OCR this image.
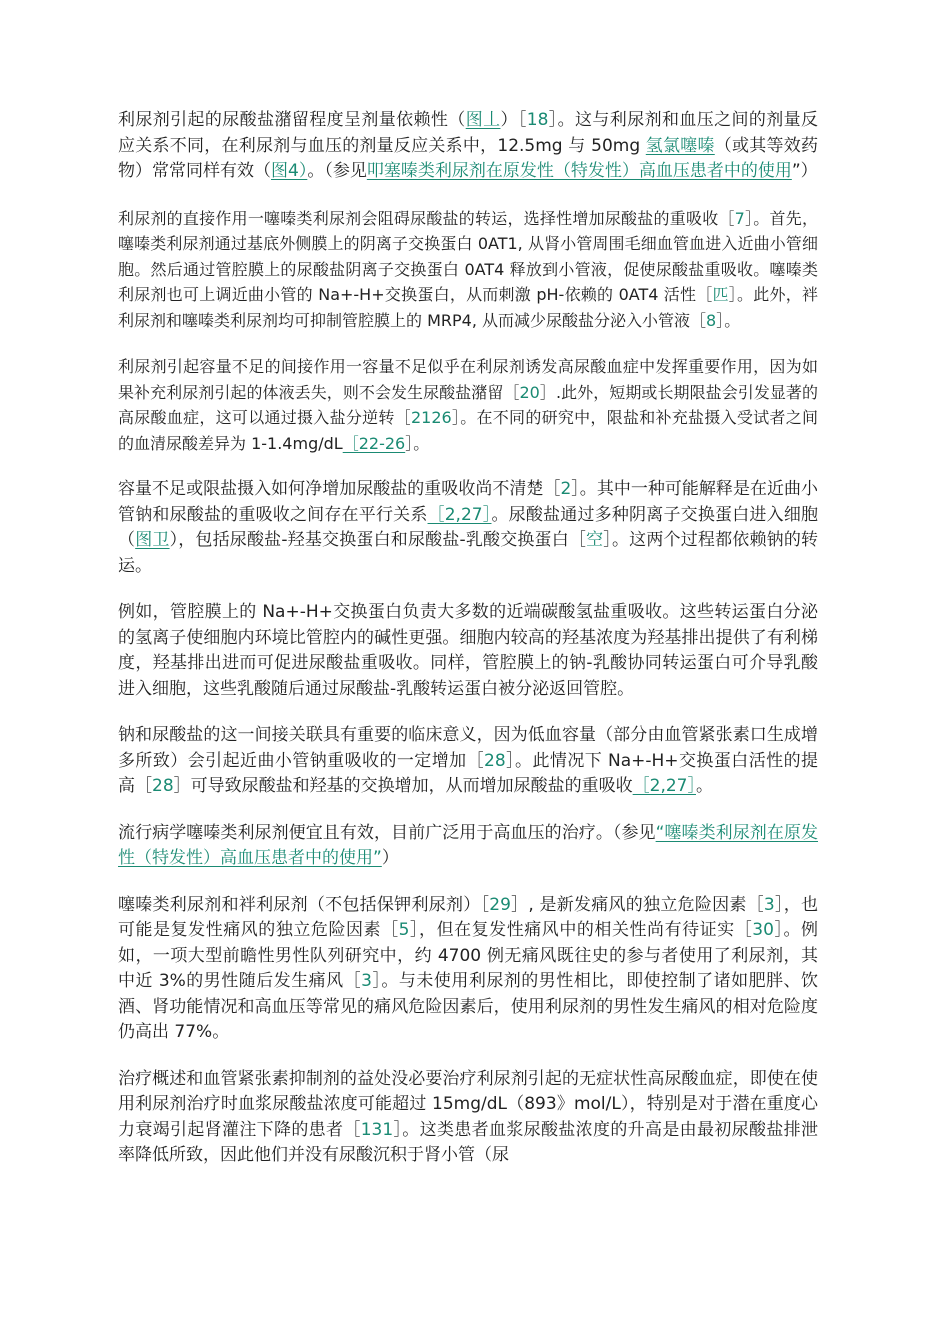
利尿剂引起的尿酸盐潴留程度呈剂量依赖性（图丄）［18］。这与利尿剂和血压之间的剂量反应关系不同，在利尿剂与血压的剂量反应关系中，12.5mg 与 50mg 氢氯噻嗪（或其等效药物）常常同样有效（图4）。（参见叩塞嗪类利尿剂在原发性（特发性）高血压患者中的使用”）

利尿剂的直接作用一噻嗪类利尿剂会阻碍尿酸盐的转运，选择性增加尿酸盐的重吸收［7］。首先，噻嗪类利尿剂通过基底外侧膜上的阴离子交换蛋白 0AT1, 从肾小管周围毛细血管血进入近曲小管细胞。然后通过管腔膜上的尿酸盐阴离子交换蛋白 0AT4 释放到小管液，促使尿酸盐重吸收。噻嗪类利尿剂也可上调近曲小管的 Na+-H+交换蛋白，从而刺激 pH-依赖的 0AT4 活性［匹］。此外，袢利尿剂和噻嗪类利尿剂均可抑制管腔膜上的 MRP4, 从而减少尿酸盐分泌入小管液［8］。

利尿剂引起容量不足的间接作用一容量不足似乎在利尿剂诱发高尿酸血症中发挥重要作用，因为如果补充利尿剂引起的体液丢失，则不会发生尿酸盐潴留［20］.此外，短期或长期限盐会引发显著的高尿酸血症，这可以通过摄入盐分逆转［2126］。在不同的研究中，限盐和补充盐摄入受试者之间的血清尿酸差异为 1-1.4mg/dL［22-26］。

容量不足或限盐摄入如何净增加尿酸盐的重吸收尚不清楚［2］。其中一种可能解释是在近曲小管钠和尿酸盐的重吸收之间存在平行关系［2,27］。尿酸盐通过多种阴离子交换蛋白进入细胞（图卫），包括尿酸盐-羟基交换蛋白和尿酸盐-乳酸交换蛋白［空］。这两个过程都依赖钠的转运。

例如，管腔膜上的 Na+-H+交换蛋白负责大多数的近端碳酸氢盐重吸收。这些转运蛋白分泌的氢离子使细胞内环境比管腔内的碱性更强。细胞内较高的羟基浓度为羟基排出提供了有利梯度，羟基排出进而可促进尿酸盐重吸收。同样，管腔膜上的钠-乳酸协同转运蛋白可介导乳酸进入细胞，这些乳酸随后通过尿酸盐-乳酸转运蛋白被分泌返回管腔。

钠和尿酸盐的这一间接关联具有重要的临床意义，因为低血容量（部分由血管紧张素口生成增多所致）会引起近曲小管钠重吸收的一定增加［28］。此情况下 Na+-H+交换蛋白活性的提高［28］可导致尿酸盐和羟基的交换增加，从而增加尿酸盐的重吸收［2,27］。

流行病学噻嗪类利尿剂便宜且有效，目前广泛用于高血压的治疗。（参见“噻嗪类利尿剂在原发性（特发性）高血压患者中的使用”）

噻嗪类利尿剂和袢利尿剂（不包括保钾利尿剂）［29］, 是新发痛风的独立危险因素［3］，也可能是复发性痛风的独立危险因素［5］，但在复发性痛风中的相关性尚有待证实［30］。例如，一项大型前瞻性男性队列研究中，约 4700 例无痛风既往史的参与者使用了利尿剂，其中近 3%的男性随后发生痛风［3］。与未使用利尿剂的男性相比，即使控制了诸如肥胖、饮酒、肾功能情况和高血压等常见的痛风危险因素后，使用利尿剂的男性发生痛风的相对危险度仍高出 77%。

治疗概述和血管紧张素抑制剂的益处没必要治疗利尿剂引起的无症状性高尿酸血症，即使在使用利尿剂治疗时血浆尿酸盐浓度可能超过 15mg/dL（893》mol/L），特别是对于潜在重度心力衰竭引起肾灌注下降的患者［131］。这类患者血浆尿酸盐浓度的升高是由最初尿酸盐排泄率降低所致，因此他们并没有尿酸沉积于肾小管（尿
